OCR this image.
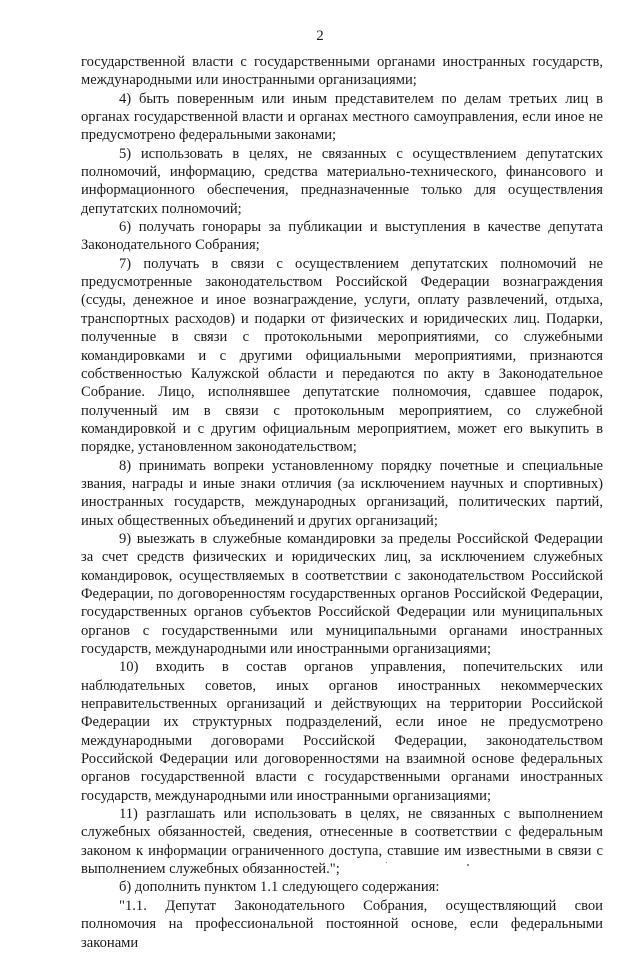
2

государственной власти с государственными органами иностранных государств, международными или иностранными организациями;

4) быть поверенным или иным представителем по делам третьих лиц в органах государственной власти и органах местного самоуправления, если иное не предусмотрено федеральными законами;

5) использовать в целях, не связанных с осуществлением депутатских полномочий, информацию, средства материально-технического, финансового и информационного обеспечения, предназначенные только для осуществления депутатских полномочий;

6) получать гонорары за публикации и выступления в качестве депутата Законодательного Собрания;

7) получать в связи с осуществлением депутатских полномочий не предусмотренные законодательством Российской Федерации вознаграждения (ссуды, денежное и иное вознаграждение, услуги, оплату развлечений, отдыха, транспортных расходов) и подарки от физических и юридических лиц. Подарки, полученные в связи с протокольными мероприятиями, со служебными командировками и с другими официальными мероприятиями, признаются собственностью Калужской области и передаются по акту в Законодательное Собрание. Лицо, исполнявшее депутатские полномочия, сдавшее подарок, полученный им в связи с протокольным мероприятием, со служебной командировкой и с другим официальным мероприятием, может его выкупить в порядке, установленном законодательством;

8) принимать вопреки установленному порядку почетные и специальные звания, награды и иные знаки отличия (за исключением научных и спортивных) иностранных государств, международных организаций, политических партий, иных общественных объединений и других организаций;

9) выезжать в служебные командировки за пределы Российской Федерации за счет средств физических и юридических лиц, за исключением служебных командировок, осуществляемых в соответствии с законодательством Российской Федерации, по договоренностям государственных органов Российской Федерации, государственных органов субъектов Российской Федерации или муниципальных органов с государственными или муниципальными органами иностранных государств, международными или иностранными организациями;

10) входить в состав органов управления, попечительских или наблюдательных советов, иных органов иностранных некоммерческих неправительственных организаций и действующих на территории Российской Федерации их структурных подразделений, если иное не предусмотрено международными договорами Российской Федерации, законодательством Российской Федерации или договоренностями на взаимной основе федеральных органов государственной власти с государственными органами иностранных государств, международными или иностранными организациями;

11) разглашать или использовать в целях, не связанных с выполнением служебных обязанностей, сведения, отнесенные в соответствии с федеральным законом к информации ограниченного доступа, ставшие им известными в связи с выполнением служебных обязанностей.";

б) дополнить пунктом 1.1 следующего содержания:

"1.1. Депутат Законодательного Собрания, осуществляющий свои полномочия на профессиональной постоянной основе, если федеральными законами
